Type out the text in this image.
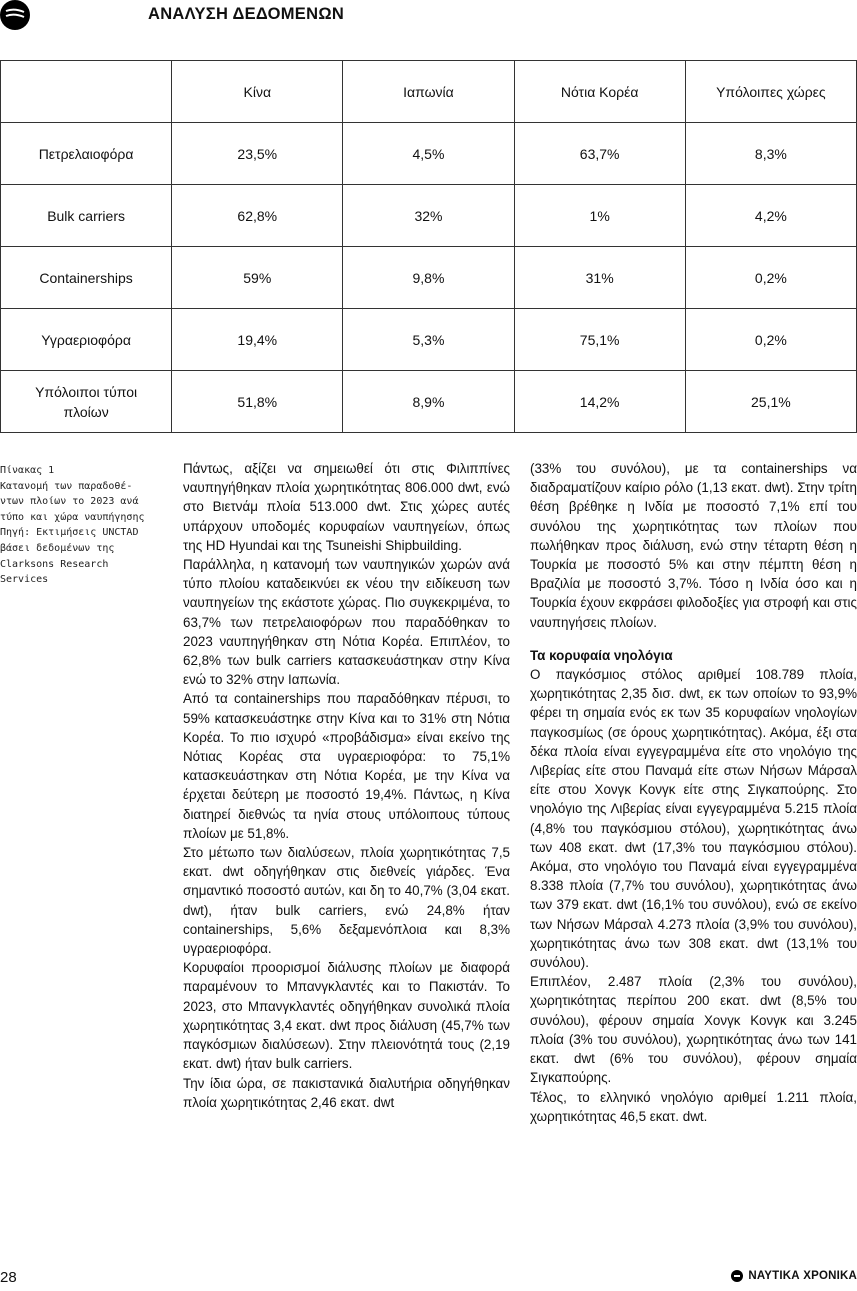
ΑΝΑΛΥΣΗ ΔΕΔΟΜΕΝΩΝ
	Κίνα	Ιαπωνία	Νότια Κορέα	Υπόλοιπες χώρες
Πετρελαιοφόρα	23,5%	4,5%	63,7%	8,3%
Bulk carriers	62,8%	32%	1%	4,2%
Containerships	59%	9,8%	31%	0,2%
Υγραεριοφόρα	19,4%	5,3%	75,1%	0,2%
Υπόλοιποι τύποι πλοίων	51,8%	8,9%	14,2%	25,1%
Πίνακας 1
Κατανομή των παραδοθέ-
ντων πλοίων το 2023 ανά
τύπο και χώρα ναυπήγησης
Πηγή: Εκτιμήσεις UNCTAD
βάσει δεδομένων της
Clarksons Research
Services

Πάντως, αξίζει να σημειωθεί ότι στις Φιλιππίνες ναυπηγήθηκαν πλοία χωρητικότητας 806.000 dwt, ενώ στο Βιετνάμ πλοία 513.000 dwt. Στις χώρες αυτές υπάρχουν υποδομές κορυφαίων ναυπηγείων, όπως της HD Hyundai και της Tsuneishi Shipbuilding.

Παράλληλα, η κατανομή των ναυπηγικών χωρών ανά τύπο πλοίου καταδεικνύει εκ νέου την ειδίκευση των ναυπηγείων της εκάστοτε χώρας. Πιο συγκεκριμένα, το 63,7% των πετρελαιοφόρων που παραδόθηκαν το 2023 ναυπηγήθηκαν στη Νότια Κορέα. Επιπλέον, το 62,8% των bulk carriers κατασκευάστηκαν στην Κίνα ενώ το 32% στην Ιαπωνία.

Από τα containerships που παραδόθηκαν πέρυσι, το 59% κατασκευάστηκε στην Κίνα και το 31% στη Νότια Κορέα. Το πιο ισχυρό «προβάδισμα» είναι εκείνο της Νότιας Κορέας στα υγραεριοφόρα: το 75,1% κατασκευάστηκαν στη Νότια Κορέα, με την Κίνα να έρχεται δεύτερη με ποσοστό 19,4%. Πάντως, η Κίνα διατηρεί διεθνώς τα ηνία στους υπόλοιπους τύπους πλοίων με 51,8%.

Στο μέτωπο των διαλύσεων, πλοία χωρητικότητας 7,5 εκατ. dwt οδηγήθηκαν στις διεθνείς γιάρδες. Ένα σημαντικό ποσοστό αυτών, και δη το 40,7% (3,04 εκατ. dwt), ήταν bulk carriers, ενώ 24,8% ήταν containerships, 5,6% δεξαμενόπλοια και 8,3% υγραεριοφόρα.

Κορυφαίοι προορισμοί διάλυσης πλοίων με διαφορά παραμένουν το Μπανγκλαντές και το Πακιστάν. Το 2023, στο Μπανγκλαντές οδηγήθηκαν συνολικά πλοία χωρητικότητας 3,4 εκατ. dwt προς διάλυση (45,7% των παγκόσμιων διαλύσεων). Στην πλειονότητά τους (2,19 εκατ. dwt) ήταν bulk carriers.

Την ίδια ώρα, σε πακιστανικά διαλυτήρια οδηγήθηκαν πλοία χωρητικότητας 2,46 εκατ. dwt

(33% του συνόλου), με τα containerships να διαδραματίζουν καίριο ρόλο (1,13 εκατ. dwt). Στην τρίτη θέση βρέθηκε η Ινδία με ποσοστό 7,1% επί του συνόλου της χωρητικότητας των πλοίων που πωλήθηκαν προς διάλυση, ενώ στην τέταρτη θέση η Τουρκία με ποσοστό 5% και στην πέμπτη θέση η Βραζιλία με ποσοστό 3,7%. Τόσο η Ινδία όσο και η Τουρκία έχουν εκφράσει φιλοδοξίες για στροφή και στις ναυπηγήσεις πλοίων.

Τα κορυφαία νηολόγια

Ο παγκόσμιος στόλος αριθμεί 108.789 πλοία, χωρητικότητας 2,35 δισ. dwt, εκ των οποίων το 93,9% φέρει τη σημαία ενός εκ των 35 κορυφαίων νηολογίων παγκοσμίως (σε όρους χωρητικότητας). Ακόμα, έξι στα δέκα πλοία είναι εγγεγραμμένα είτε στο νηολόγιο της Λιβερίας είτε στου Παναμά είτε στων Νήσων Μάρσαλ είτε στου Χονγκ Κονγκ είτε στης Σιγκαπούρης. Στο νηολόγιο της Λιβερίας είναι εγγεγραμμένα 5.215 πλοία (4,8% του παγκόσμιου στόλου), χωρητικότητας άνω των 408 εκατ. dwt (17,3% του παγκόσμιου στόλου). Ακόμα, στο νηολόγιο του Παναμά είναι εγγεγραμμένα 8.338 πλοία (7,7% του συνόλου), χωρητικότητας άνω των 379 εκατ. dwt (16,1% του συνόλου), ενώ σε εκείνο των Νήσων Μάρσαλ 4.273 πλοία (3,9% του συνόλου), χωρητικότητας άνω των 308 εκατ. dwt (13,1% του συνόλου).

Επιπλέον, 2.487 πλοία (2,3% του συνόλου), χωρητικότητας περίπου 200 εκατ. dwt (8,5% του συνόλου), φέρουν σημαία Χονγκ Κονγκ και 3.245 πλοία (3% του συνόλου), χωρητικότητας άνω των 141 εκατ. dwt (6% του συνόλου), φέρουν σημαία Σιγκαπούρης.

Τέλος, το ελληνικό νηολόγιο αριθμεί 1.211 πλοία, χωρητικότητας 46,5 εκατ. dwt.

28	ΝΑΥΤΙΚΑ ΧΡΟΝΙΚΑ
